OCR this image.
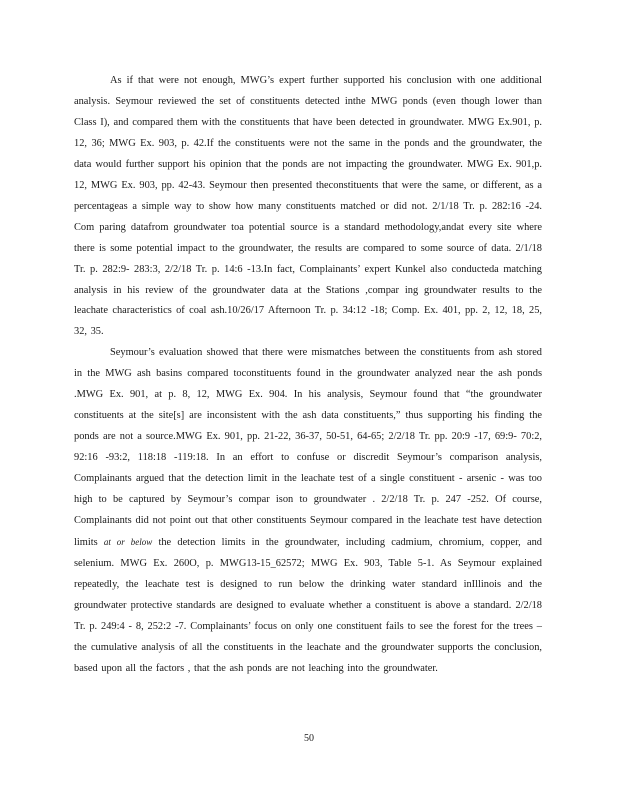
As if that were not enough, MWG’s expert further supported his conclusion with one additional analysis. Seymour reviewed the set of constituents detected inthe MWG ponds (even though lower than Class I), and compared them with the constituents that have been detected in groundwater. MWG Ex.901, p. 12, 36; MWG Ex. 903, p. 42.If the constituents were not the same in the ponds and the groundwater, the data would further support his opinion that the ponds are not impacting the groundwater. MWG Ex. 901,p. 12, MWG Ex. 903, pp. 42-43. Seymour then presented theconstituents that were the same, or different, as a percentageas a simple way to show how many constituents matched or did not. 2/1/18 Tr. p. 282:16 -24. Com paring datafrom groundwater toa potential source is a standard methodology,andat every site where there is some potential impact to the groundwater, the results are compared to some source of data. 2/1/18 Tr. p. 282:9- 283:3, 2/2/18 Tr. p. 14:6 -13.In fact, Complainants’ expert Kunkel also conducteda matching analysis in his review of the groundwater data at the Stations ,compar ing groundwater results to the leachate characteristics of coal ash.10/26/17 Afternoon Tr. p. 34:12 -18; Comp. Ex. 401, pp. 2, 12, 18, 25, 32, 35.

Seymour’s evaluation showed that there were mismatches between the constituents from ash stored in the MWG ash basins compared toconstituents found in the groundwater analyzed near the ash ponds .MWG Ex. 901, at p. 8, 12, MWG Ex. 904. In his analysis, Seymour found that “the groundwater constituents at the site[s] are inconsistent with the ash data constituents,” thus supporting his finding the ponds are not a source.MWG Ex. 901, pp. 21-22, 36-37, 50-51, 64-65; 2/2/18 Tr. pp. 20:9 -17, 69:9- 70:2, 92:16 -93:2, 118:18 -119:18. In an effort to confuse or discredit Seymour’s comparison analysis, Complainants argued that the detection limit in the leachate test of a single constituent - arsenic - was too high to be captured by Seymour’s compar ison to groundwater . 2/2/18 Tr. p. 247 -252. Of course, Complainants did not point out that other constituents Seymour compared in the leachate test have detection limits at or below the detection limits in the groundwater, including cadmium, chromium, copper, and selenium. MWG Ex. 260O, p. MWG13-15_62572; MWG Ex. 903, Table 5-1. As Seymour explained repeatedly, the leachate test is designed to run below the drinking water standard inIllinois and the groundwater protective standards are designed to evaluate whether a constituent is above a standard. 2/2/18 Tr. p. 249:4 - 8, 252:2 -7. Complainants’ focus on only one constituent fails to see the forest for the trees –the cumulative analysis of all the constituents in the leachate and the groundwater supports the conclusion, based upon all the factors , that the ash ponds are not leaching into the groundwater.

50
